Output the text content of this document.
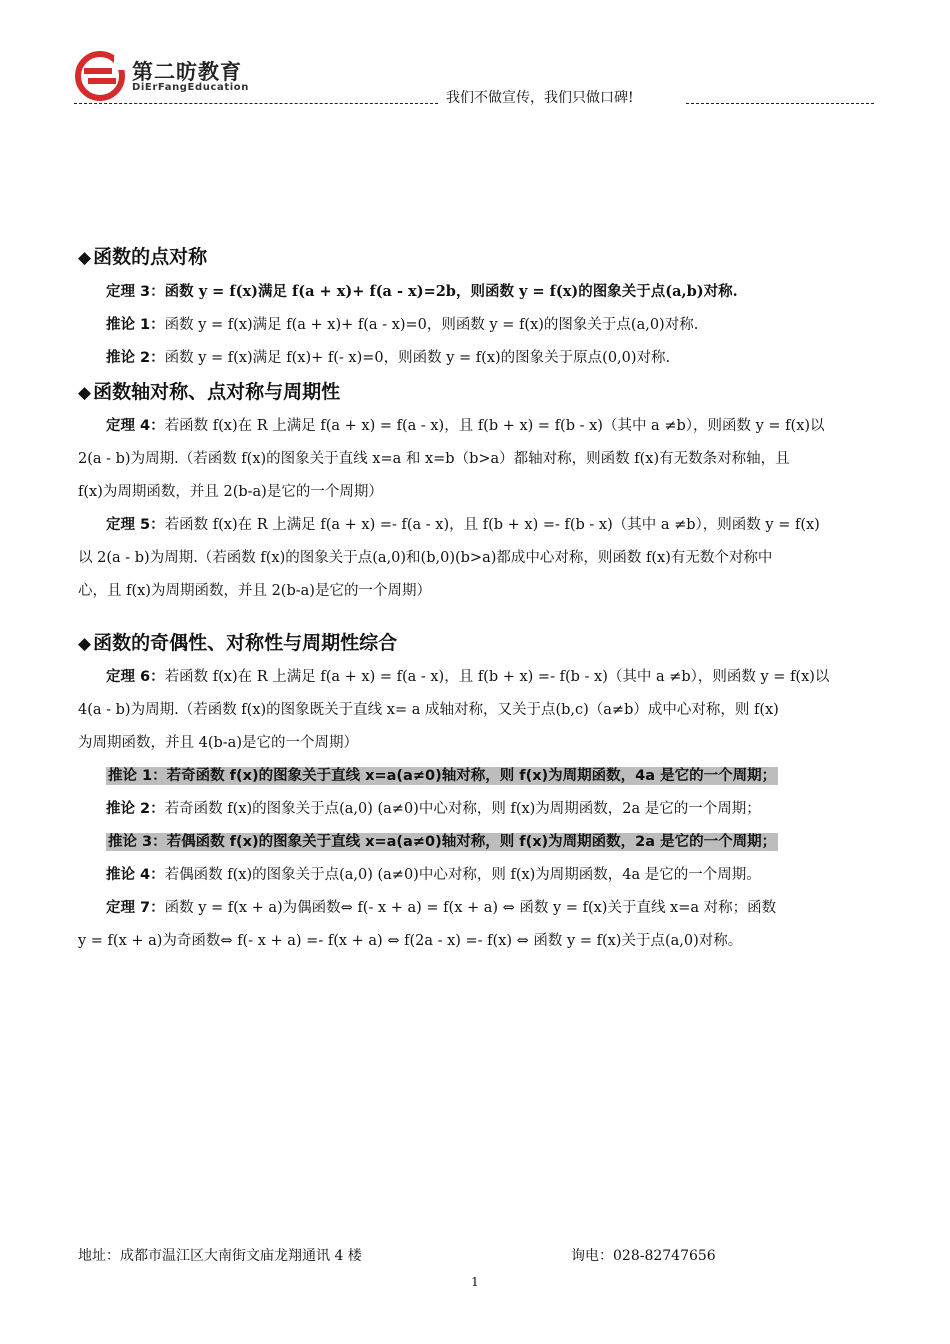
第二昉教育
DiErFangEducation
我们不做宣传，我们只做口碑!
◆ 函数的点对称

定理 3：函数 y = f(x)满足 f(a + x)+ f(a - x)=2b，则函数 y = f(x)的图象关于点(a,b)对称.

推论 1：函数 y = f(x)满足 f(a + x)+ f(a - x)=0，则函数 y = f(x)的图象关于点(a,0)对称.

推论 2：函数 y = f(x)满足 f(x)+ f(- x)=0，则函数 y = f(x)的图象关于原点(0,0)对称.

◆ 函数轴对称、点对称与周期性

定理 4：若函数 f(x)在 R 上满足 f(a + x) = f(a - x)，且 f(b + x) = f(b - x)（其中 a ≠b），则函数 y = f(x)以

2(a - b)为周期.（若函数 f(x)的图象关于直线 x=a 和 x=b（b>a）都轴对称，则函数 f(x)有无数条对称轴，且

f(x)为周期函数，并且 2(b-a)是它的一个周期）

定理 5：若函数 f(x)在 R 上满足 f(a + x) =- f(a - x)，且 f(b + x) =- f(b - x)（其中 a ≠b），则函数 y = f(x)

以 2(a - b)为周期.（若函数 f(x)的图象关于点(a,0)和(b,0)(b>a)都成中心对称，则函数 f(x)有无数个对称中

心，且 f(x)为周期函数，并且 2(b-a)是它的一个周期）

◆ 函数的奇偶性、对称性与周期性综合

定理 6：若函数 f(x)在 R 上满足 f(a + x) = f(a - x)，且 f(b + x) =- f(b - x)（其中 a ≠b），则函数 y = f(x)以

4(a - b)为周期.（若函数 f(x)的图象既关于直线 x= a 成轴对称，又关于点(b,c)（a≠b）成中心对称，则 f(x)

为周期函数，并且 4(b-a)是它的一个周期）

推论 1：若奇函数 f(x)的图象关于直线 x=a(a≠0)轴对称，则 f(x)为周期函数，4a 是它的一个周期；

推论 2：若奇函数 f(x)的图象关于点(a,0) (a≠0)中心对称，则 f(x)为周期函数，2a 是它的一个周期；

推论 3：若偶函数 f(x)的图象关于直线 x=a(a≠0)轴对称，则 f(x)为周期函数，2a 是它的一个周期；

推论 4：若偶函数 f(x)的图象关于点(a,0) (a≠0)中心对称，则 f(x)为周期函数，4a 是它的一个周期。

定理 7：函数 y = f(x + a)为偶函数⇔ f(- x + a) = f(x + a) ⇔ 函数 y = f(x)关于直线 x=a 对称；函数

y = f(x + a)为奇函数⇔ f(- x + a) =- f(x + a) ⇔ f(2a - x) =- f(x) ⇔ 函数 y = f(x)关于点(a,0)对称。

地址：成都市温江区大南街文庙龙翔通讯 4 楼	询电：028-82747656
1
